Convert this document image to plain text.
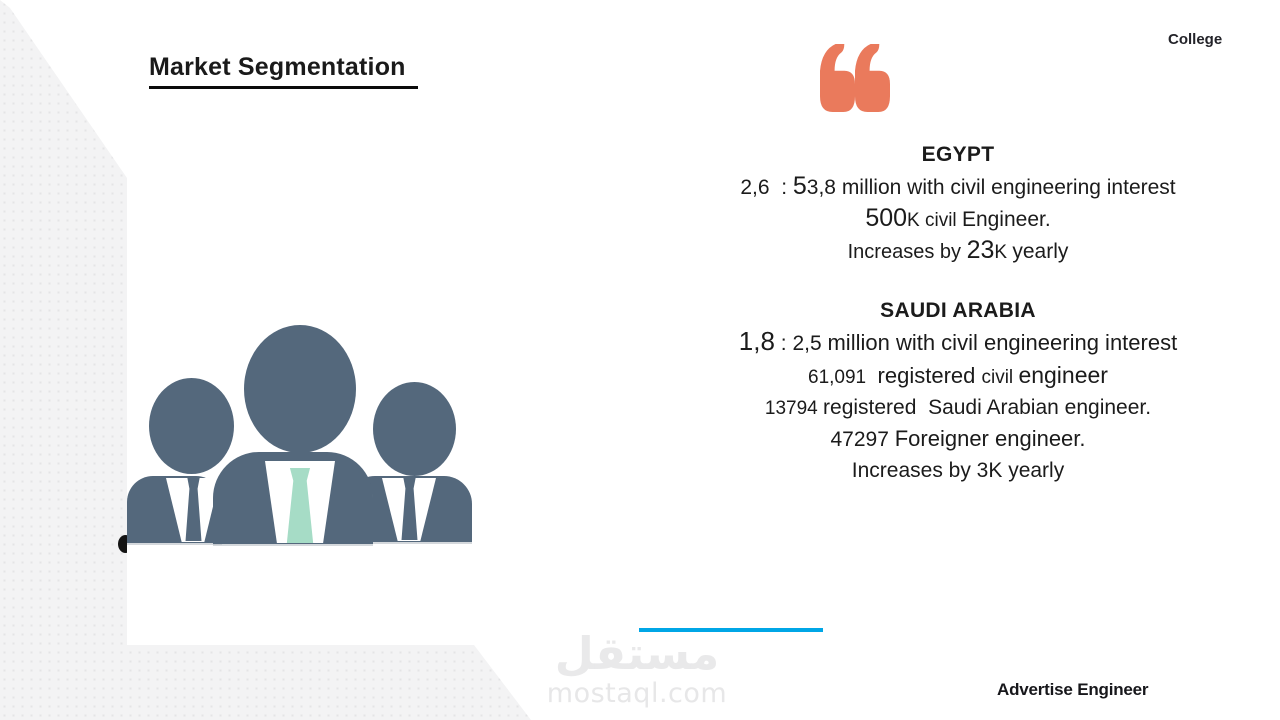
Market Segmentation
College
EGYPT
2,6  : 53,8 million with civil engineering interest
500K civil Engineer.
Increases by 23K yearly
SAUDI ARABIA
1,8 : 2,5 million with civil engineering interest
61,091  registered civil engineer
13794 registered  Saudi Arabian engineer.
47297 Foreigner engineer.
Increases by 3K yearly
مستقل
mostaql.com	Advertise Engineer
